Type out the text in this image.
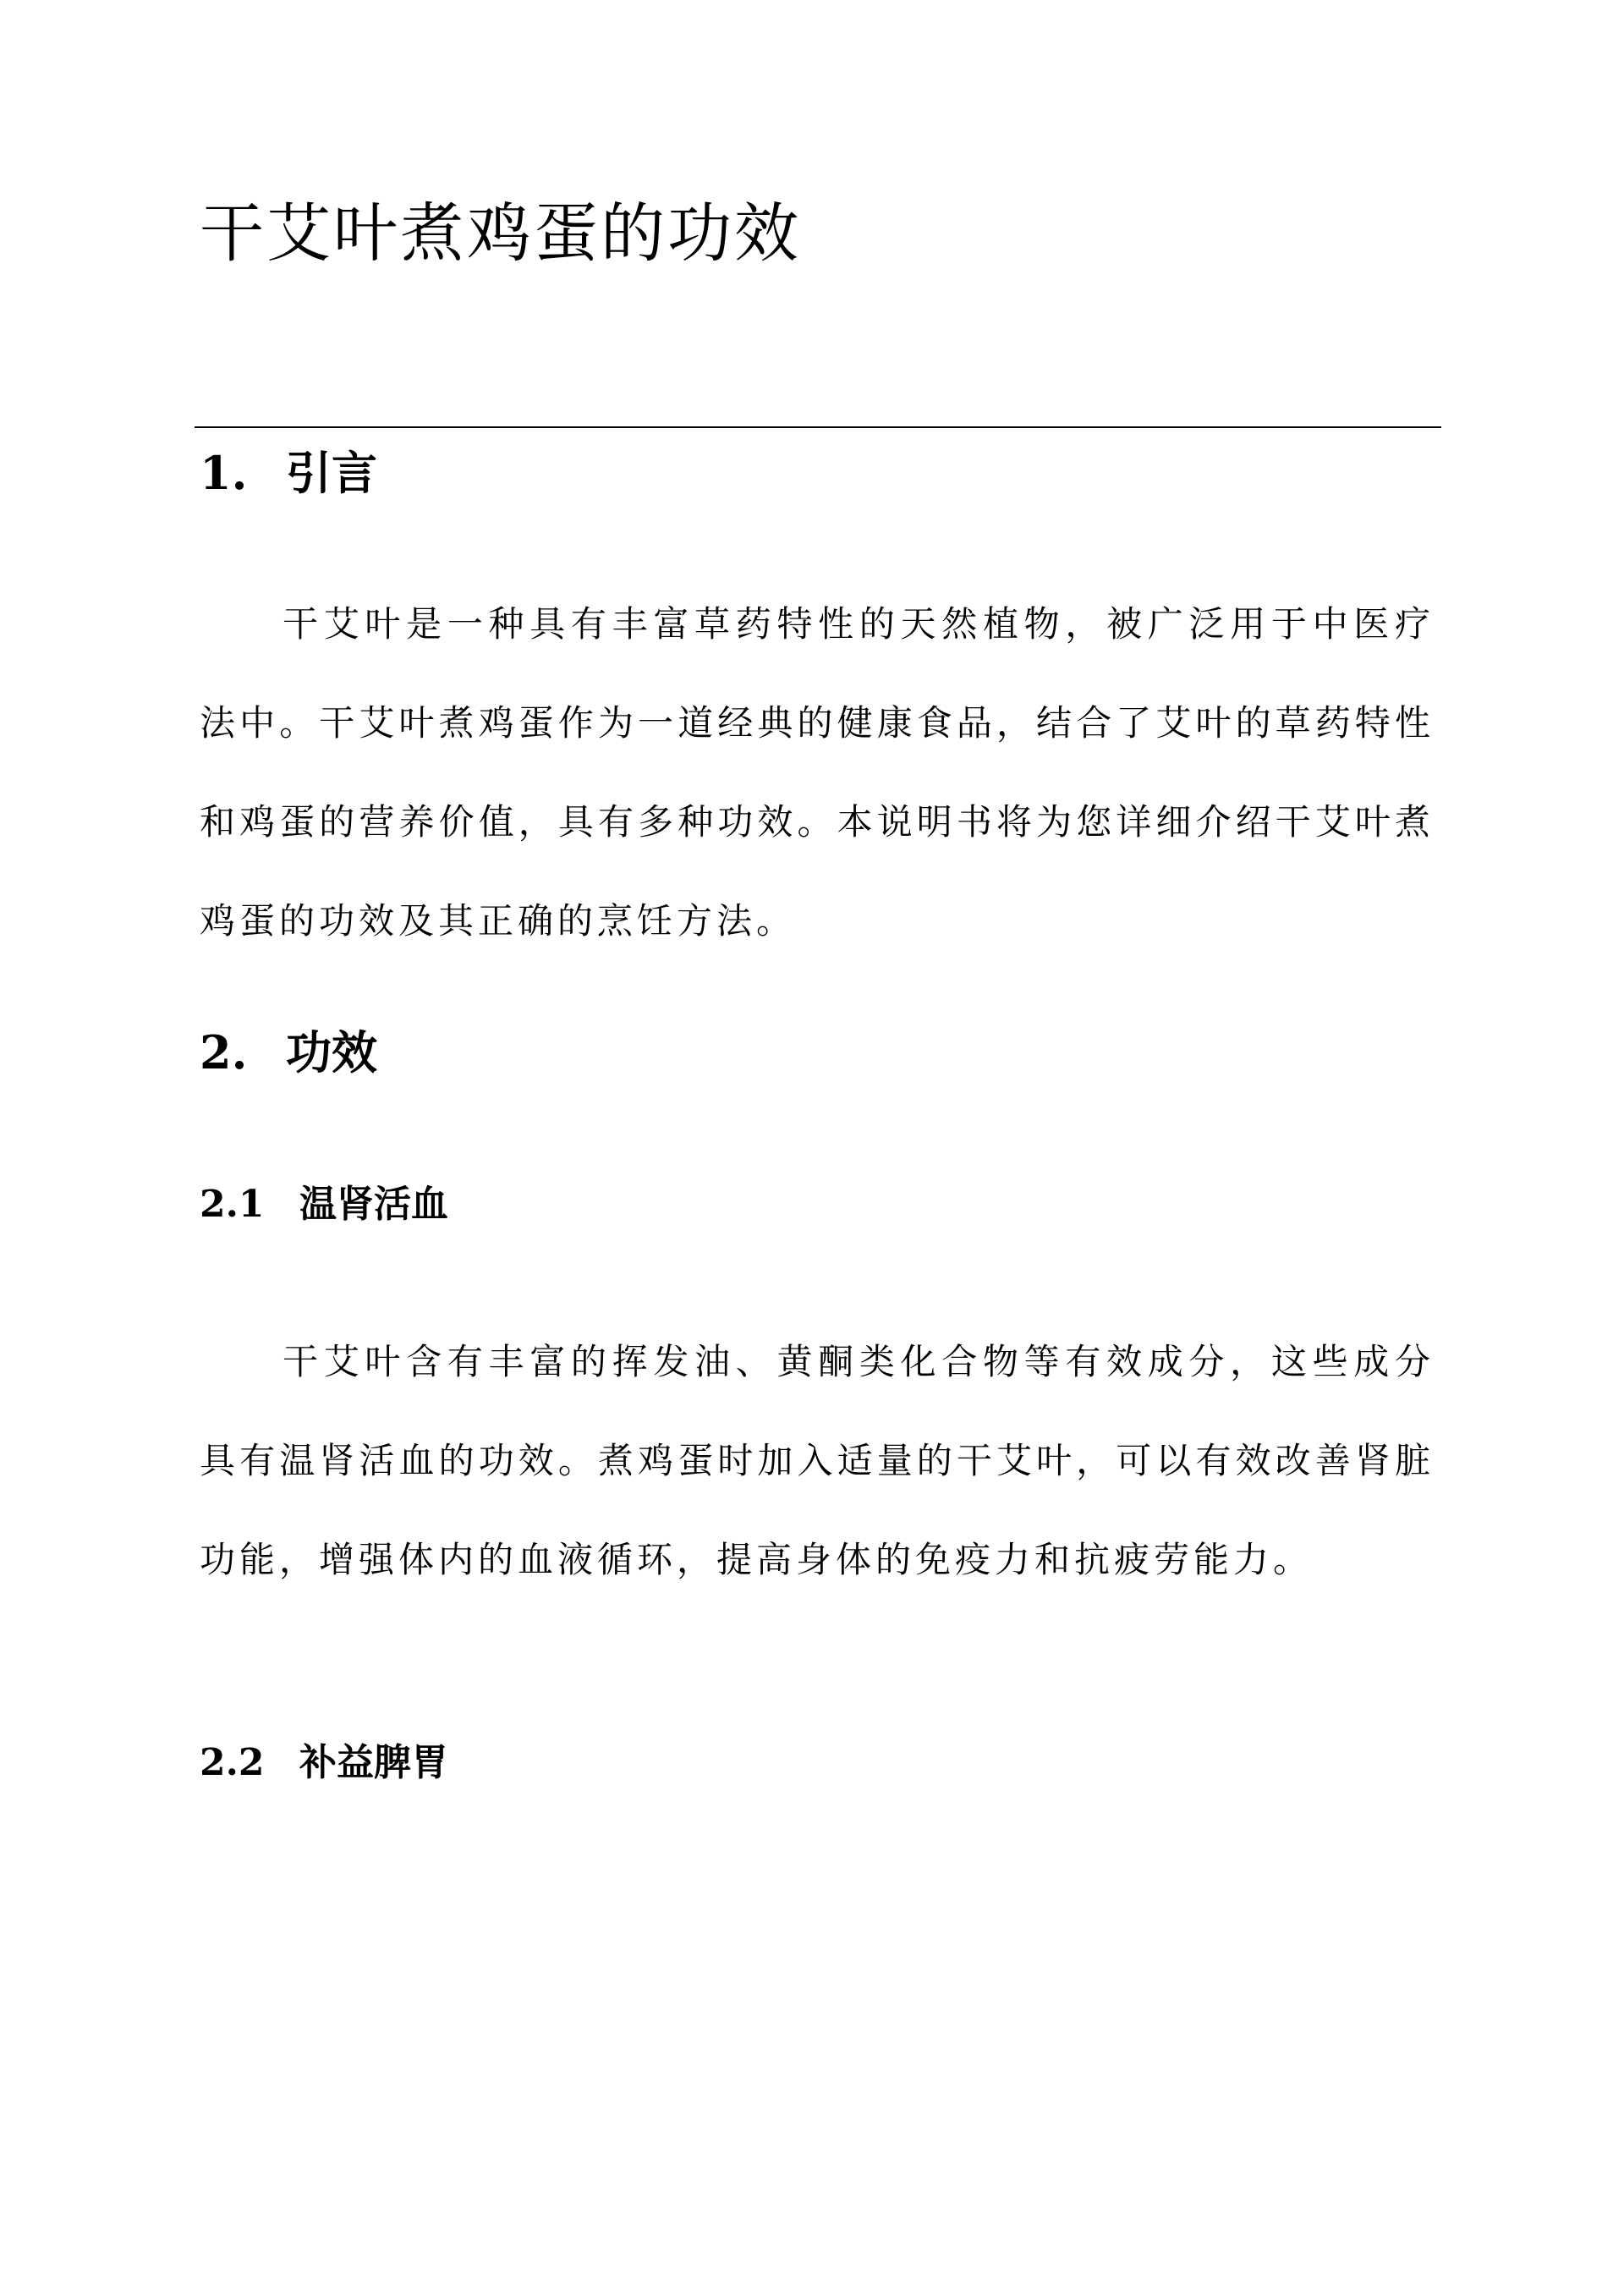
干艾叶煮鸡蛋的功效
1. 引言

干艾叶是一种具有丰富草药特性的天然植物，被广泛用于中医疗法中。干艾叶煮鸡蛋作为一道经典的健康食品，结合了艾叶的草药特性和鸡蛋的营养价值，具有多种功效。本说明书将为您详细介绍干艾叶煮鸡蛋的功效及其正确的烹饪方法。

2. 功效
2.1 温肾活血

干艾叶含有丰富的挥发油、黄酮类化合物等有效成分，这些成分具有温肾活血的功效。煮鸡蛋时加入适量的干艾叶，可以有效改善肾脏功能，增强体内的血液循环，提高身体的免疫力和抗疲劳能力。

2.2 补益脾胃
